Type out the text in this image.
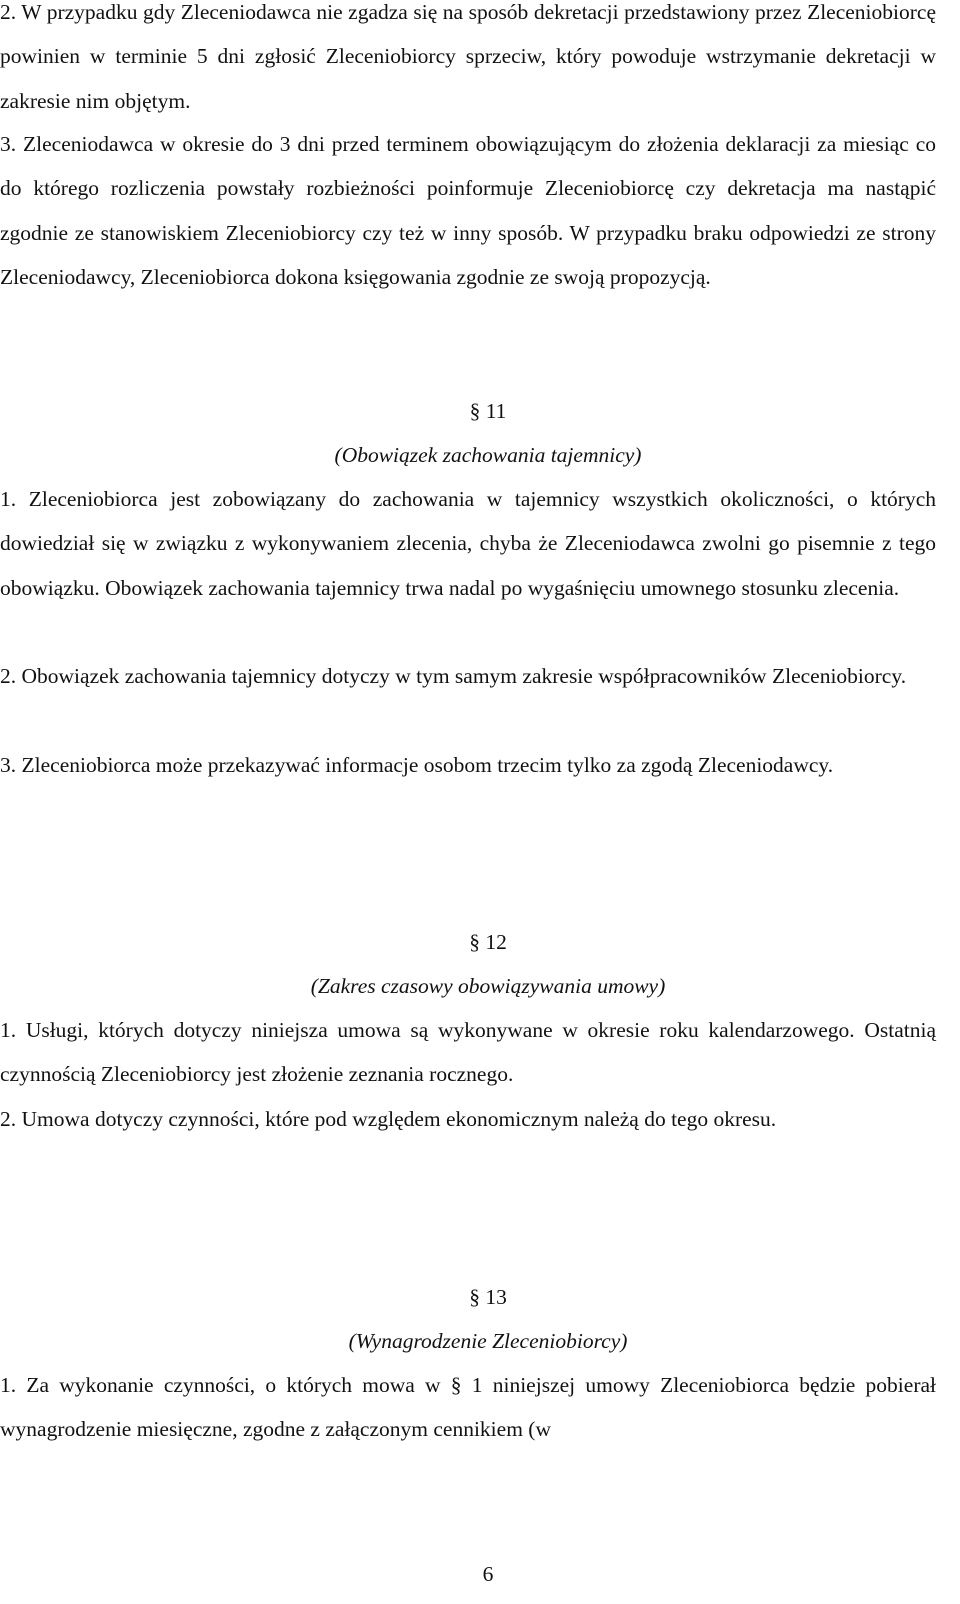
2. W przypadku gdy Zleceniodawca nie zgadza się na sposób dekretacji przedstawiony przez Zleceniobiorcę powinien w terminie 5 dni zgłosić Zleceniobiorcy sprzeciw, który powoduje wstrzymanie dekretacji w zakresie nim objętym.

3. Zleceniodawca w okresie do 3 dni przed terminem obowiązującym do złożenia deklaracji za miesiąc co do którego rozliczenia powstały rozbieżności poinformuje Zleceniobiorcę czy dekretacja ma nastąpić zgodnie ze stanowiskiem Zleceniobiorcy czy też w inny sposób. W przypadku braku odpowiedzi ze strony Zleceniodawcy, Zleceniobiorca dokona księgowania zgodnie ze swoją propozycją.

§ 11

(Obowiązek zachowania tajemnicy)

1. Zleceniobiorca jest zobowiązany do zachowania w tajemnicy wszystkich okoliczności, o których dowiedział się w związku z wykonywaniem zlecenia, chyba że Zleceniodawca zwolni go pisemnie z tego obowiązku. Obowiązek zachowania tajemnicy trwa nadal po wygaśnięciu umownego stosunku zlecenia.

2. Obowiązek zachowania tajemnicy dotyczy w tym samym zakresie współpracowników Zleceniobiorcy.

3. Zleceniobiorca może przekazywać informacje osobom trzecim tylko za zgodą Zleceniodawcy.

§ 12

(Zakres czasowy obowiązywania umowy)

1. Usługi, których dotyczy niniejsza umowa są wykonywane w okresie roku kalendarzowego. Ostatnią czynnością Zleceniobiorcy jest złożenie zeznania rocznego.

2. Umowa dotyczy czynności, które pod względem ekonomicznym należą do tego okresu.

§ 13

(Wynagrodzenie Zleceniobiorcy)

1. Za wykonanie czynności, o których mowa w § 1 niniejszej umowy Zleceniobiorca będzie pobierał wynagrodzenie miesięczne, zgodne z załączonym cennikiem (w

6
